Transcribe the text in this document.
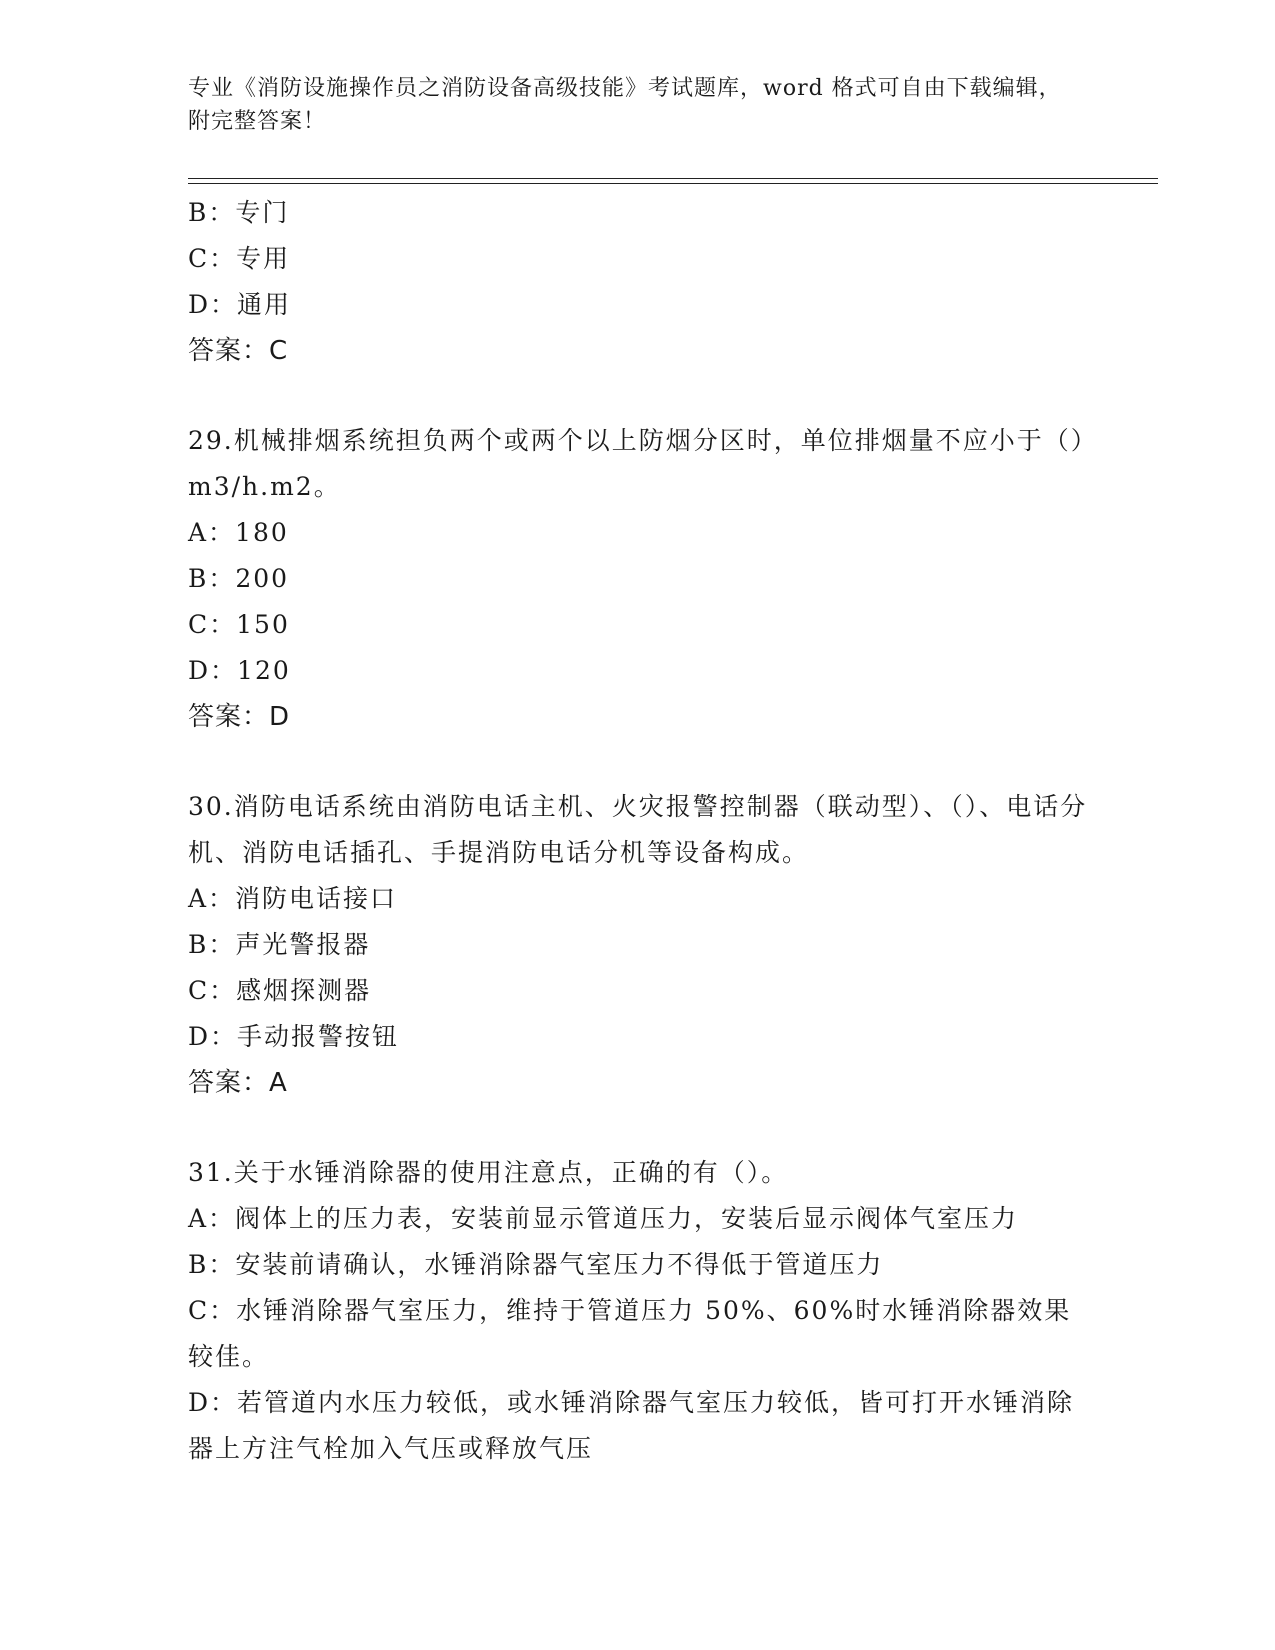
专业《消防设施操作员之消防设备高级技能》考试题库，word 格式可自由下载编辑，附完整答案！

B：专门

C：专用

D：通用

答案：C

29.机械排烟系统担负两个或两个以上防烟分区时，单位排烟量不应小于（）m3/h.m2。

A：180

B：200

C：150

D：120

答案：D

30.消防电话系统由消防电话主机、火灾报警控制器（联动型）、（）、电话分机、消防电话插孔、手提消防电话分机等设备构成。

A：消防电话接口

B：声光警报器

C：感烟探测器

D：手动报警按钮

答案：A

31.关于水锤消除器的使用注意点，正确的有（）。

A：阀体上的压力表，安装前显示管道压力，安装后显示阀体气室压力

B：安装前请确认，水锤消除器气室压力不得低于管道压力

C：水锤消除器气室压力，维持于管道压力 50%、60%时水锤消除器效果较佳。

D：若管道内水压力较低，或水锤消除器气室压力较低，皆可打开水锤消除器上方注气栓加入气压或释放气压
